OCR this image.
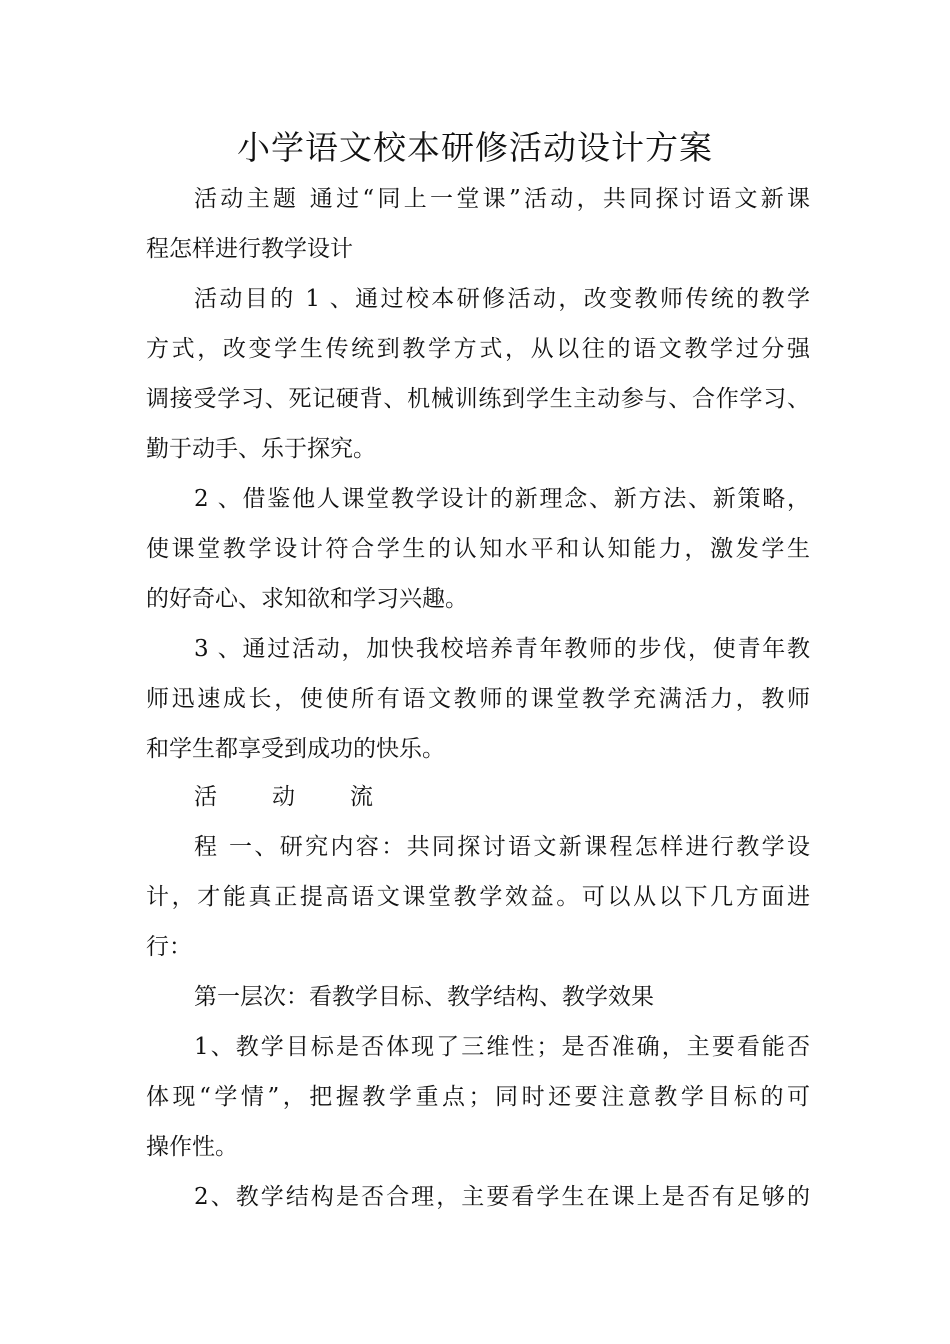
小学语文校本研修活动设计方案
活动主题 通过“同上一堂课”活动，共同探讨语文新课
程怎样进行教学设计
活动目的 1 、通过校本研修活动，改变教师传统的教学
方式，改变学生传统到教学方式，从以往的语文教学过分强
调接受学习、死记硬背、机械训练到学生主动参与、合作学习、
勤于动手、乐于探究。
2 、借鉴他人课堂教学设计的新理念、新方法、新策略，
使课堂教学设计符合学生的认知水平和认知能力，激发学生
的好奇心、求知欲和学习兴趣。
3 、通过活动，加快我校培养青年教师的步伐，使青年教
师迅速成长，使使所有语文教师的课堂教学充满活力，教师
和学生都享受到成功的快乐。
活 动 流
程 一、研究内容：共同探讨语文新课程怎样进行教学设
计，才能真正提高语文课堂教学效益。可以从以下几方面进
行：
第一层次：看教学目标、教学结构、教学效果
1、教学目标是否体现了三维性；是否准确，主要看能否
体现“学情”，把握教学重点；同时还要注意教学目标的可
操作性。
2、教学结构是否合理，主要看学生在课上是否有足够的
